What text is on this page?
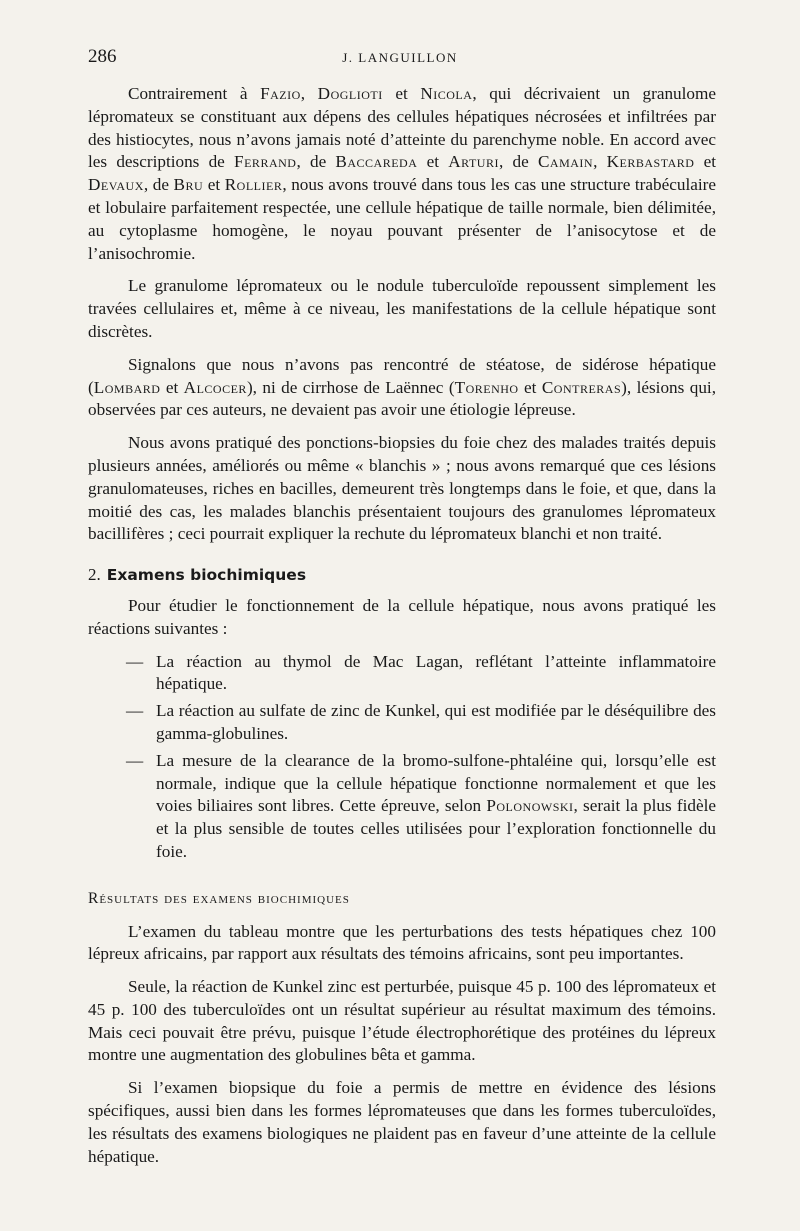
286	J. LANGUILLON

Contrairement à Fazio, Doglioti et Nicola, qui décrivaient un granulome lépromateux se constituant aux dépens des cellules hépatiques nécrosées et infiltrées par des histiocytes, nous n’avons jamais noté d’atteinte du parenchyme noble. En accord avec les descriptions de Ferrand, de Baccareda et Arturi, de Camain, Kerbastard et Devaux, de Bru et Rollier, nous avons trouvé dans tous les cas une structure trabéculaire et lobulaire parfaitement respectée, une cellule hépatique de taille normale, bien délimitée, au cytoplasme homogène, le noyau pouvant présenter de l’anisocytose et de l’anisochromie.

Le granulome lépromateux ou le nodule tuberculoïde repoussent simplement les travées cellulaires et, même à ce niveau, les manifestations de la cellule hépatique sont discrètes.

Signalons que nous n’avons pas rencontré de stéatose, de sidérose hépatique (Lombard et Alcocer), ni de cirrhose de Laënnec (Torenho et Contreras), lésions qui, observées par ces auteurs, ne devaient pas avoir une étiologie lépreuse.

Nous avons pratiqué des ponctions-biopsies du foie chez des malades traités depuis plusieurs années, améliorés ou même « blanchis » ; nous avons remarqué que ces lésions granulomateuses, riches en bacilles, demeurent très longtemps dans le foie, et que, dans la moitié des cas, les malades blanchis présentaient toujours des granulomes lépromateux bacillifères ; ceci pourrait expliquer la rechute du lépromateux blanchi et non traité.

2. Examens biochimiques

Pour étudier le fonctionnement de la cellule hépatique, nous avons pratiqué les réactions suivantes :

— La réaction au thymol de Mac Lagan, reflétant l’atteinte inflammatoire hépatique.
— La réaction au sulfate de zinc de Kunkel, qui est modifiée par le déséquilibre des gamma-globulines.
— La mesure de la clearance de la bromo-sulfone-phtaléine qui, lorsqu’elle est normale, indique que la cellule hépatique fonctionne normalement et que les voies biliaires sont libres. Cette épreuve, selon Polonowski, serait la plus fidèle et la plus sensible de toutes celles utilisées pour l’exploration fonctionnelle du foie.
Résultats des examens biochimiques

L’examen du tableau montre que les perturbations des tests hépatiques chez 100 lépreux africains, par rapport aux résultats des témoins africains, sont peu importantes.

Seule, la réaction de Kunkel zinc est perturbée, puisque 45 p. 100 des lépromateux et 45 p. 100 des tuberculoïdes ont un résultat supérieur au résultat maximum des témoins. Mais ceci pouvait être prévu, puisque l’étude électrophorétique des protéines du lépreux montre une augmentation des globulines bêta et gamma.

Si l’examen biopsique du foie a permis de mettre en évidence des lésions spécifiques, aussi bien dans les formes lépromateuses que dans les formes tuberculoïdes, les résultats des examens biologiques ne plaident pas en faveur d’une atteinte de la cellule hépatique.
